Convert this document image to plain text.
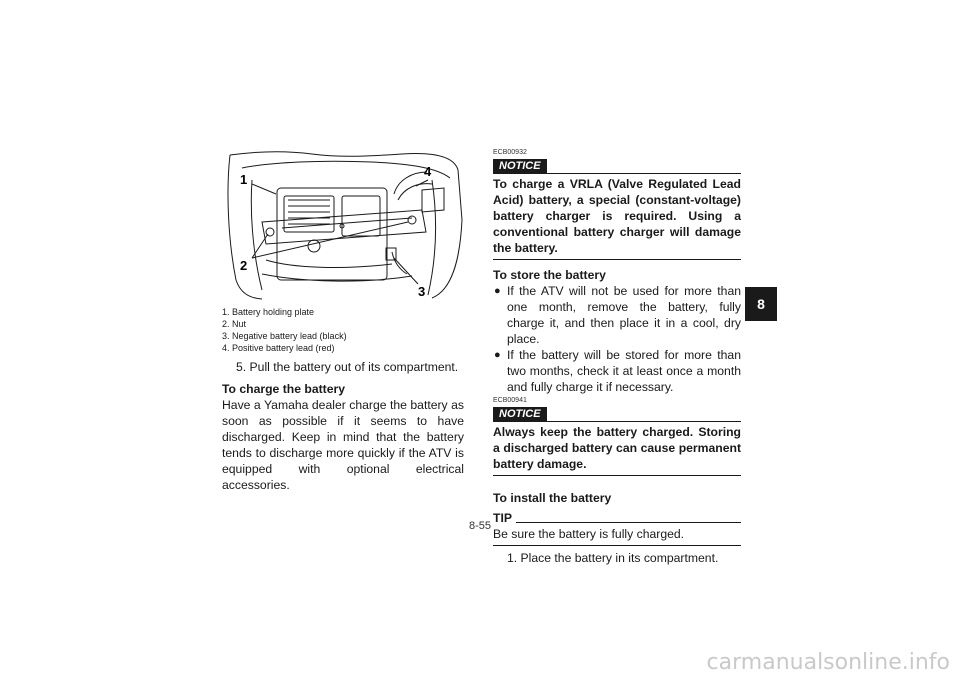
1
2
3
4
1. Battery holding plate
2. Nut
3. Negative battery lead (black)
4. Positive battery lead (red)

5. Pull the battery out of its compartment.

To charge the battery

Have a Yamaha dealer charge the battery as soon as possible if it seems to have discharged. Keep in mind that the battery tends to discharge more quickly if the ATV is equipped with optional electrical accessories.

ECB00932

NOTICE

To charge a VRLA (Valve Regulated Lead Acid) battery, a special (constant-voltage) battery charger is required. Using a conventional battery charger will damage the battery.

To store the battery

● If the ATV will not be used for more than one month, remove the battery, fully charge it, and then place it in a cool, dry place.
● If the battery will be stored for more than two months, check it at least once a month and fully charge it if necessary.

ECB00941

NOTICE

Always keep the battery charged. Storing a discharged battery can cause permanent battery damage.

To install the battery

TIP

Be sure the battery is fully charged.

1. Place the battery in its compartment.

8
8-55
carmanualsonline.info
